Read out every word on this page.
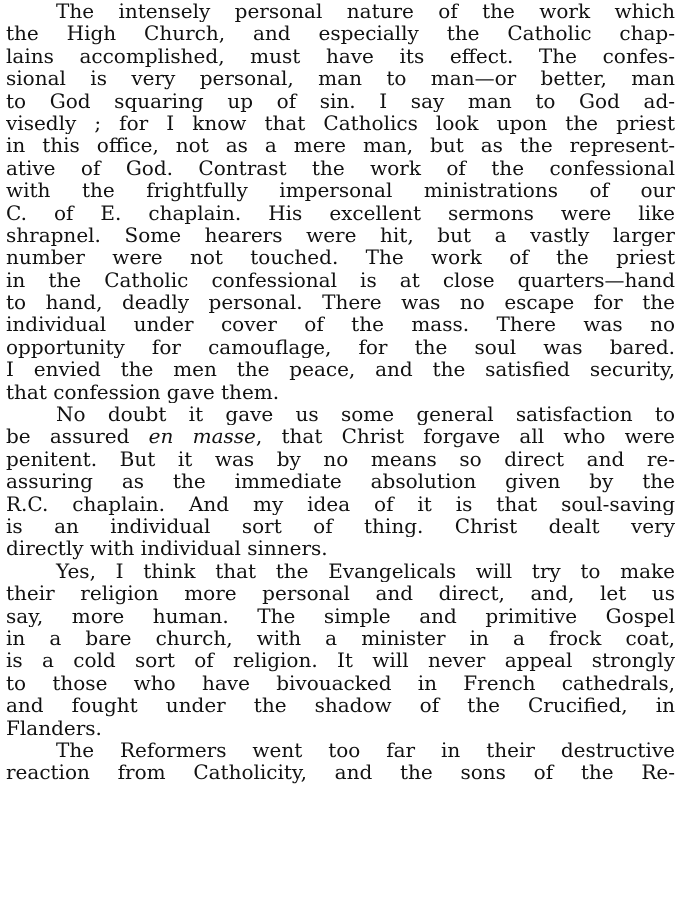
The intensely personal nature of the work which
the High Church, and especially the Catholic chap-
lains accomplished, must have its effect. The confes-
sional is very personal, man to man—or better, man
to God squaring up of sin. I say man to God ad-
visedly ; for I know that Catholics look upon the priest
in this office, not as a mere man, but as the represent-
ative of God. Contrast the work of the confessional
with the frightfully impersonal ministrations of our
C. of E. chaplain. His excellent sermons were like
shrapnel. Some hearers were hit, but a vastly larger
number were not touched. The work of the priest
in the Catholic confessional is at close quarters—hand
to hand, deadly personal. There was no escape for the
individual under cover of the mass. There was no
opportunity for camouflage, for the soul was bared.
I envied the men the peace, and the satisfied security,
that confession gave them.
No doubt it gave us some general satisfaction to
be assured en masse, that Christ forgave all who were
penitent. But it was by no means so direct and re-
assuring as the immediate absolution given by the
R.C. chaplain. And my idea of it is that soul-saving
is an individual sort of thing. Christ dealt very
directly with individual sinners.
Yes, I think that the Evangelicals will try to make
their religion more personal and direct, and, let us
say, more human. The simple and primitive Gospel
in a bare church, with a minister in a frock coat,
is a cold sort of religion. It will never appeal strongly
to those who have bivouacked in French cathedrals,
and fought under the shadow of the Crucified, in
Flanders.
The Reformers went too far in their destructive
reaction from Catholicity, and the sons of the Re-
